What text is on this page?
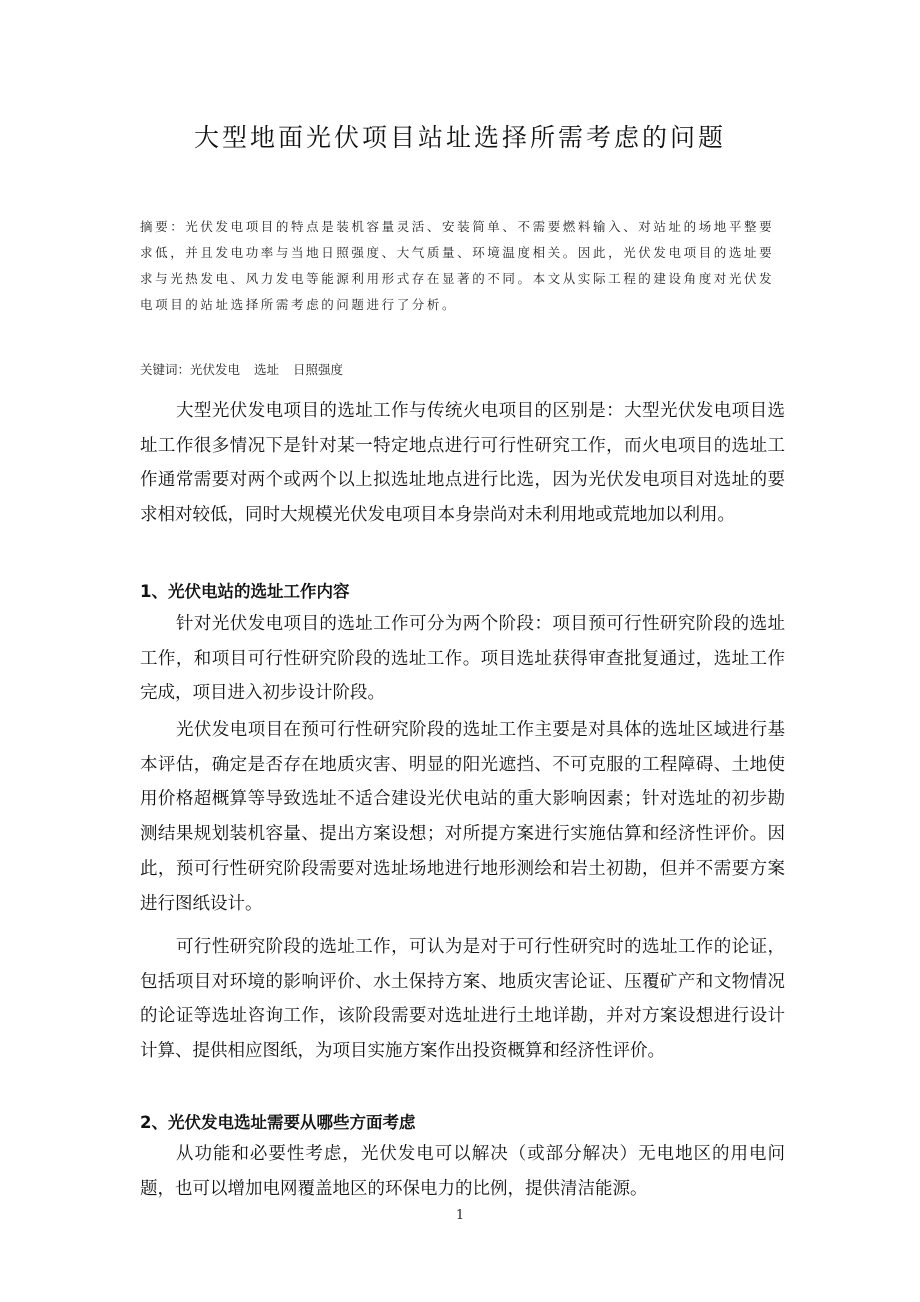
大型地面光伏项目站址选择所需考虑的问题

摘要：光伏发电项目的特点是装机容量灵活、安装简单、不需要燃料输入、对站址的场地平整要求低，并且发电功率与当地日照强度、大气质量、环境温度相关。因此，光伏发电项目的选址要求与光热发电、风力发电等能源利用形式存在显著的不同。本文从实际工程的建设角度对光伏发电项目的站址选择所需考虑的问题进行了分析。

关键词：光伏发电 选址 日照强度

大型光伏发电项目的选址工作与传统火电项目的区别是：大型光伏发电项目选址工作很多情况下是针对某一特定地点进行可行性研究工作，而火电项目的选址工作通常需要对两个或两个以上拟选址地点进行比选，因为光伏发电项目对选址的要求相对较低，同时大规模光伏发电项目本身崇尚对未利用地或荒地加以利用。

1、光伏电站的选址工作内容

针对光伏发电项目的选址工作可分为两个阶段：项目预可行性研究阶段的选址工作，和项目可行性研究阶段的选址工作。项目选址获得审查批复通过，选址工作完成，项目进入初步设计阶段。

光伏发电项目在预可行性研究阶段的选址工作主要是对具体的选址区域进行基本评估，确定是否存在地质灾害、明显的阳光遮挡、不可克服的工程障碍、土地使用价格超概算等导致选址不适合建设光伏电站的重大影响因素；针对选址的初步勘测结果规划装机容量、提出方案设想；对所提方案进行实施估算和经济性评价。因此，预可行性研究阶段需要对选址场地进行地形测绘和岩土初勘，但并不需要方案进行图纸设计。

可行性研究阶段的选址工作，可认为是对于可行性研究时的选址工作的论证，包括项目对环境的影响评价、水土保持方案、地质灾害论证、压覆矿产和文物情况的论证等选址咨询工作，该阶段需要对选址进行土地详勘，并对方案设想进行设计计算、提供相应图纸，为项目实施方案作出投资概算和经济性评价。

2、光伏发电选址需要从哪些方面考虑

从功能和必要性考虑，光伏发电可以解决（或部分解决）无电地区的用电问题，也可以增加电网覆盖地区的环保电力的比例，提供清洁能源。

1
